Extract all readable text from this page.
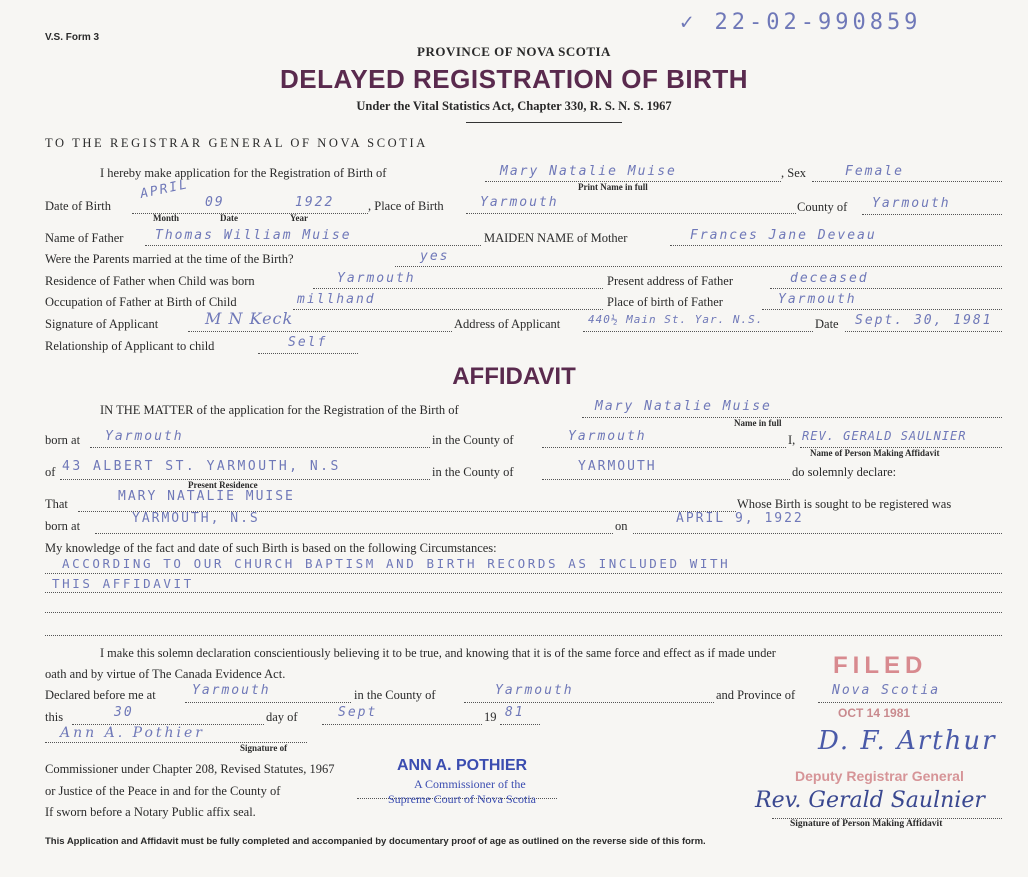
V.S. Form 3
✓ 22-02-990859
PROVINCE OF NOVA SCOTIA
DELAYED REGISTRATION OF BIRTH
Under the Vital Statistics Act, Chapter 330, R. S. N. S. 1967
TO THE REGISTRAR GENERAL OF NOVA SCOTIA
I hereby make application for the Registration of Birth of	Mary Natalie Muise	, Sex	Female
Print Name in full
Date of Birth
APRIL
09	1922
Month	Date	Year
, Place of Birth	Yarmouth	County of Yarmouth
Name of Father Thomas William Muise	MAIDEN NAME of Mother	Frances Jane Deveau
Were the Parents married at the time of the Birth?	yes
Residence of Father when Child was born	Yarmouth	Present address of Father	deceased
Occupation of Father at Birth of Child	millhand	Place of birth of Father	Yarmouth
Signature of Applicant	M N Keck	Address of Applicant	440½ Main St. Yar. N.S.	Date Sept. 30, 1981
Relationship of Applicant to child	Self
AFFIDAVIT
IN THE MATTER of the application for the Registration of the Birth of	Mary Natalie Muise
Name in full
born at Yarmouth	in the County of	Yarmouth	I, REV. GERALD SAULNIER
Name of Person Making Affidavit
of 43 ALBERT ST. YARMOUTH, N.S
Present Residence
in the County of	YARMOUTH	do solemnly declare:
That	MARY NATALIE MUISE	Whose Birth is sought to be registered was
born at	YARMOUTH, N.S	on	APRIL 9, 1922
My knowledge of the fact and date of such Birth is based on the following Circumstances:
ACCORDING TO OUR CHURCH BAPTISM AND BIRTH RECORDS AS INCLUDED WITH
THIS AFFIDAVIT
I make this solemn declaration conscientiously believing it to be true, and knowing that it is of the same force and effect as if made under
oath and by virtue of The Canada Evidence Act.
Declared before me at	Yarmouth	in the County of	Yarmouth	and Province of	Nova Scotia
this	30	day of	Sept	19 81
Ann A. Pothier
Signature of
Commissioner under Chapter 208, Revised Statutes, 1967
or Justice of the Peace in and for the County of
If sworn before a Notary Public affix seal.
ANN A. POTHIER
A Commissioner of the
Supreme Court of Nova Scotia
FILED
OCT 14 1981
D. F. Arthur
Deputy Registrar General
Rev. Gerald Saulnier
Signature of Person Making Affidavit
This Application and Affidavit must be fully completed and accompanied by documentary proof of age as outlined on the reverse side of this form.
